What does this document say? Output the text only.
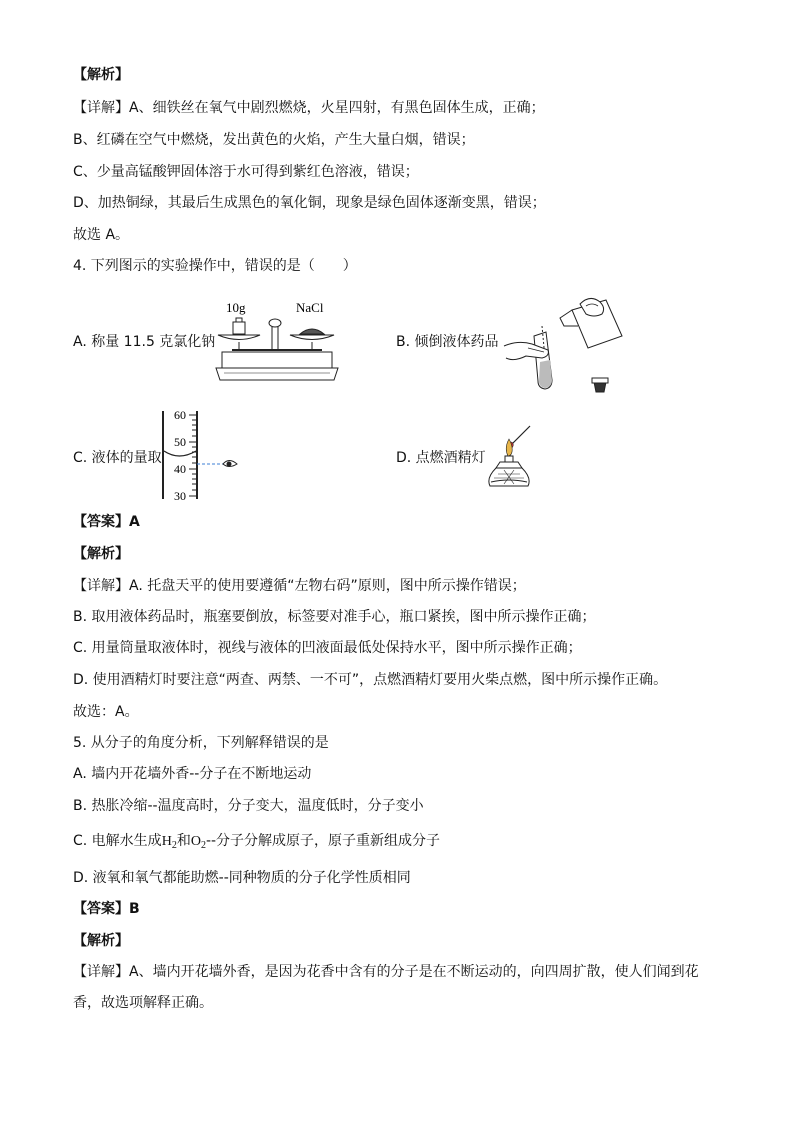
【解析】
【详解】A、细铁丝在氧气中剧烈燃烧，火星四射，有黑色固体生成，正确；
B、红磷在空气中燃烧，发出黄色的火焰，产生大量白烟，错误；
C、少量高锰酸钾固体溶于水可得到紫红色溶液，错误；
D、加热铜绿，其最后生成黑色的氧化铜，现象是绿色固体逐渐变黑，错误；
故选 A。
4. 下列图示的实验操作中，错误的是（　　）
A. 称量 11.5 克氯化钠
10g	NaCl
B. 倾倒液体药品
C. 液体的量取
60
50
40
30
D. 点燃酒精灯
【答案】A
【解析】
【详解】A. 托盘天平的使用要遵循“左物右码”原则，图中所示操作错误；
B. 取用液体药品时，瓶塞要倒放，标签要对准手心，瓶口紧挨，图中所示操作正确；
C. 用量筒量取液体时，视线与液体的凹液面最低处保持水平，图中所示操作正确；
D. 使用酒精灯时要注意“两查、两禁、一不可”，点燃酒精灯要用火柴点燃，图中所示操作正确。
故选：A。
5. 从分子的角度分析，下列解释错误的是
A. 墙内开花墙外香--分子在不断地运动
B. 热胀冷缩--温度高时，分子变大，温度低时，分子变小
C. 电解水生成$H_2$和$O_2--$分子分解成原子，原子重新组成分子
D. 液氧和氧气都能助燃--同种物质的分子化学性质相同
【答案】B
【解析】
【详解】A、墙内开花墙外香，是因为花香中含有的分子是在不断运动的，向四周扩散，使人们闻到花
香，故选项解释正确。
